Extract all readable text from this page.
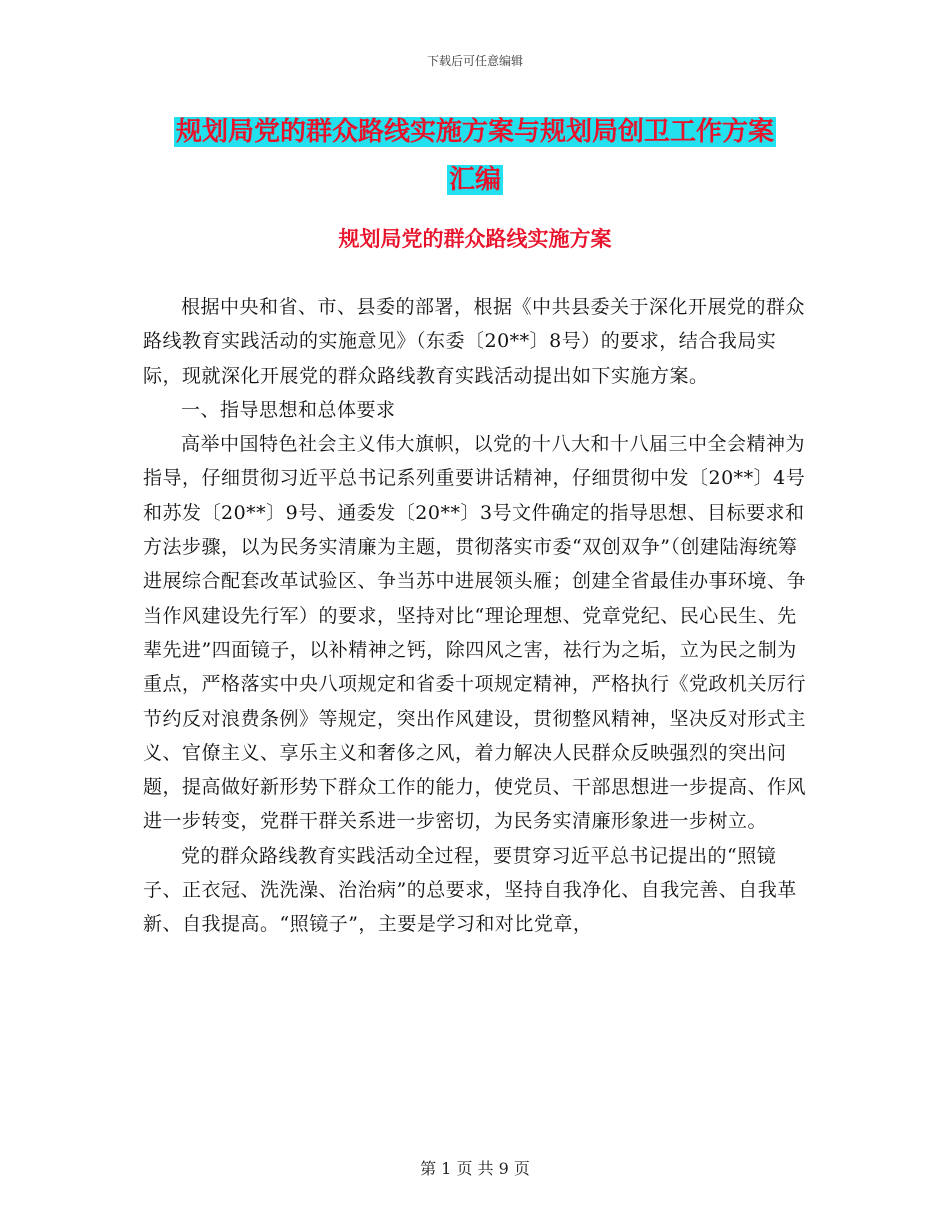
下载后可任意编辑
规划局党的群众路线实施方案与规划局创卫工作方案
汇编
规划局党的群众路线实施方案

根据中央和省、市、县委的部署，根据《中共县委关于深化开展党的群众路线教育实践活动的实施意见》（东委〔20**〕8号）的要求，结合我局实际，现就深化开展党的群众路线教育实践活动提出如下实施方案。

一、指导思想和总体要求

高举中国特色社会主义伟大旗帜，以党的十八大和十八届三中全会精神为指导，仔细贯彻习近平总书记系列重要讲话精神，仔细贯彻中发〔20**〕4号和苏发〔20**〕9号、通委发〔20**〕3号文件确定的指导思想、目标要求和方法步骤，以为民务实清廉为主题，贯彻落实市委“双创双争”（创建陆海统筹进展综合配套改革试验区、争当苏中进展领头雁；创建全省最佳办事环境、争当作风建设先行军）的要求，坚持对比“理论理想、党章党纪、民心民生、先辈先进”四面镜子，以补精神之钙，除四风之害，祛行为之垢，立为民之制为重点，严格落实中央八项规定和省委十项规定精神，严格执行《党政机关厉行节约反对浪费条例》等规定，突出作风建设，贯彻整风精神，坚决反对形式主义、官僚主义、享乐主义和奢侈之风，着力解决人民群众反映强烈的突出问题，提高做好新形势下群众工作的能力，使党员、干部思想进一步提高、作风进一步转变，党群干群关系进一步密切，为民务实清廉形象进一步树立。

党的群众路线教育实践活动全过程，要贯穿习近平总书记提出的“照镜子、正衣冠、洗洗澡、治治病”的总要求，坚持自我净化、自我完善、自我革新、自我提高。“照镜子”，主要是学习和对比党章，

第 1 页 共 9 页
